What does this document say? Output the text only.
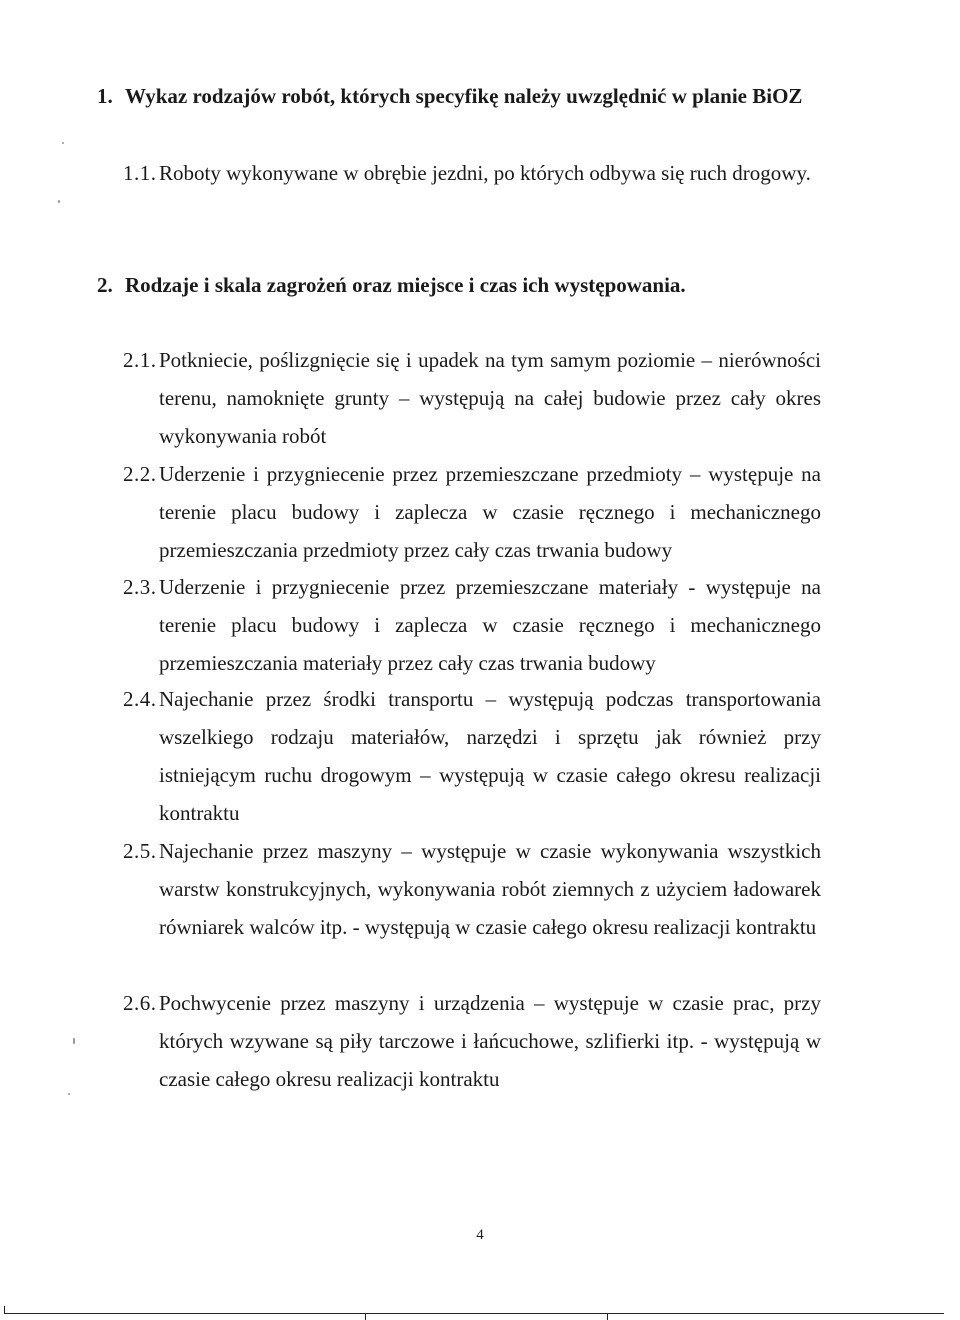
1. Wykaz rodzajów robót, których specyfikę należy uwzględnić w planie BiOZ
1.1. Roboty wykonywane w obrębie jezdni, po których odbywa się ruch drogowy.
2. Rodzaje i skala zagrożeń oraz miejsce i czas ich występowania.
2.1. Potkniecie, poślizgnięcie się i upadek na tym samym poziomie – nierówności terenu, namoknięte grunty – występują na całej budowie przez cały okres wykonywania robót
2.2. Uderzenie i przygniecenie przez przemieszczane przedmioty – występuje na terenie placu budowy i zaplecza w czasie ręcznego i mechanicznego przemieszczania przedmioty przez cały czas trwania budowy
2.3. Uderzenie i przygniecenie przez przemieszczane materiały - występuje na terenie placu budowy i zaplecza w czasie ręcznego i mechanicznego przemieszczania materiały przez cały czas trwania budowy
2.4. Najechanie przez środki transportu – występują podczas transportowania wszelkiego rodzaju materiałów, narzędzi i sprzętu jak również przy istniejącym ruchu drogowym – występują w czasie całego okresu realizacji kontraktu
2.5. Najechanie przez maszyny – występuje w czasie wykonywania wszystkich warstw konstrukcyjnych, wykonywania robót ziemnych z użyciem ładowarek równiarek walców itp. - występują w czasie całego okresu realizacji kontraktu
2.6. Pochwycenie przez maszyny i urządzenia – występuje w czasie prac, przy których wzywane są piły tarczowe i łańcuchowe, szlifierki itp. - występują w czasie całego okresu realizacji kontraktu
4
